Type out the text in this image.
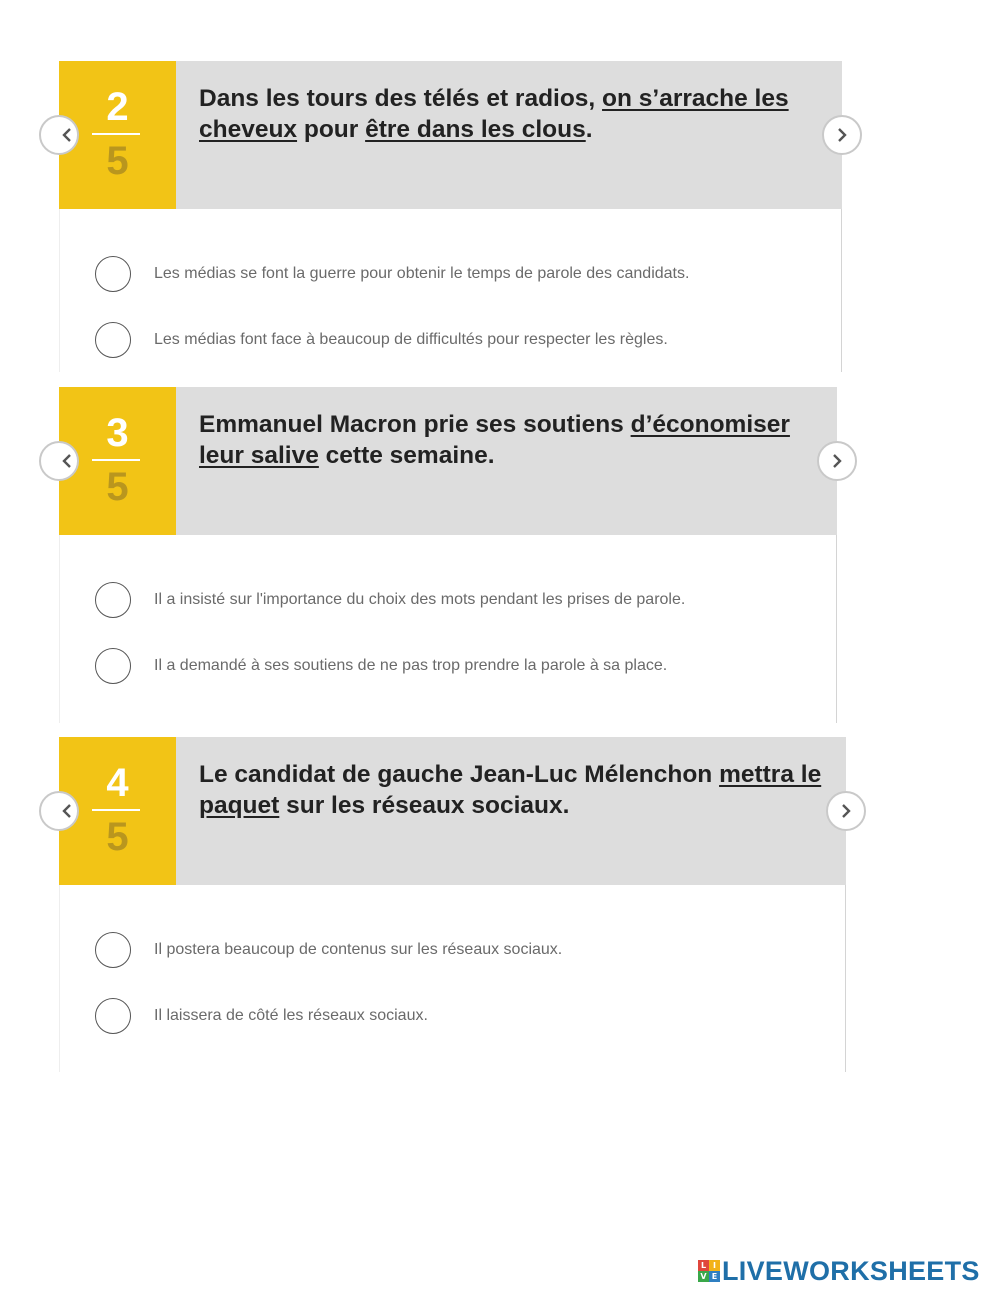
2
5
Dans les tours des télés et radios, on s’arrache les cheveux pour être dans les clous.
Les médias se font la guerre pour obtenir le temps de parole des candidats.
Les médias font face à beaucoup de difficultés pour respecter les règles.
3
5
Emmanuel Macron prie ses soutiens d’économiser leur salive cette semaine.
Il a insisté sur l'importance du choix des mots pendant les prises de parole.
Il a demandé à ses soutiens de ne pas trop prendre la parole à sa place.
4
5
Le candidat de gauche Jean-Luc Mélenchon mettra le paquet sur les réseaux sociaux.
Il postera beaucoup de contenus sur les réseaux sociaux.
Il laissera de côté les réseaux sociaux.
L I
V E LIVEWORKSHEETS
